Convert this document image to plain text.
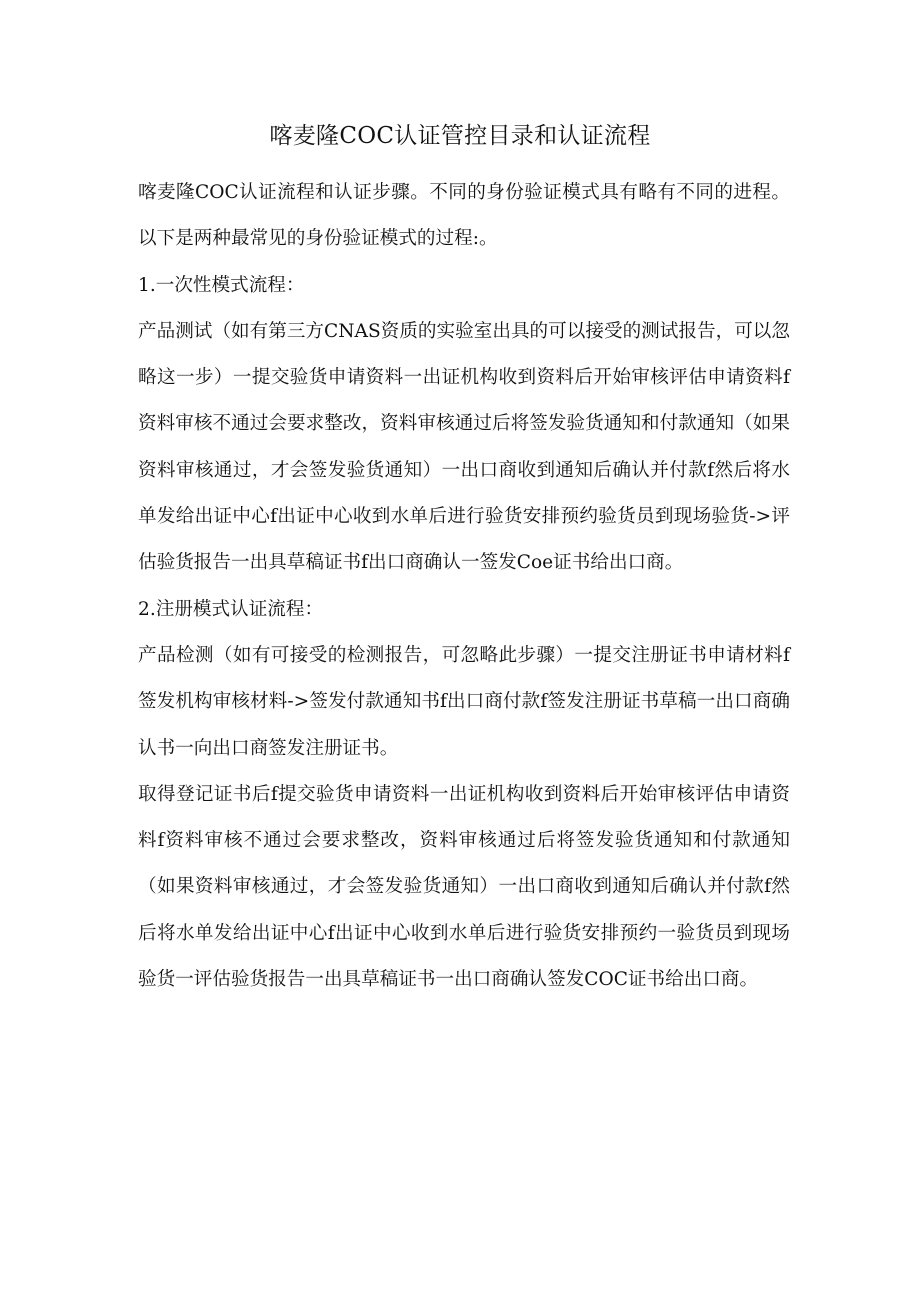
喀麦隆COC认证管控目录和认证流程

喀麦隆COC认证流程和认证步骤。不同的身份验证模式具有略有不同的进程。以下是两种最常见的身份验证模式的过程:。

1.一次性模式流程：

产品测试（如有第三方CNAS资质的实验室出具的可以接受的测试报告，可以忽略这一步）一提交验货申请资料一出证机构收到资料后开始审核评估申请资料f资料审核不通过会要求整改，资料审核通过后将签发验货通知和付款通知（如果资料审核通过，才会签发验货通知）一出口商收到通知后确认并付款f然后将水单发给出证中心f出证中心收到水单后进行验货安排预约验货员到现场验货->评估验货报告一出具草稿证书f出口商确认一签发Coe证书给出口商。

2.注册模式认证流程：

产品检测（如有可接受的检测报告，可忽略此步骤）一提交注册证书申请材料f签发机构审核材料->签发付款通知书f出口商付款f签发注册证书草稿一出口商确认书一向出口商签发注册证书。

取得登记证书后f提交验货申请资料一出证机构收到资料后开始审核评估申请资料f资料审核不通过会要求整改，资料审核通过后将签发验货通知和付款通知（如果资料审核通过，才会签发验货通知）一出口商收到通知后确认并付款f然后将水单发给出证中心f出证中心收到水单后进行验货安排预约一验货员到现场验货一评估验货报告一出具草稿证书一出口商确认签发COC证书给出口商。
